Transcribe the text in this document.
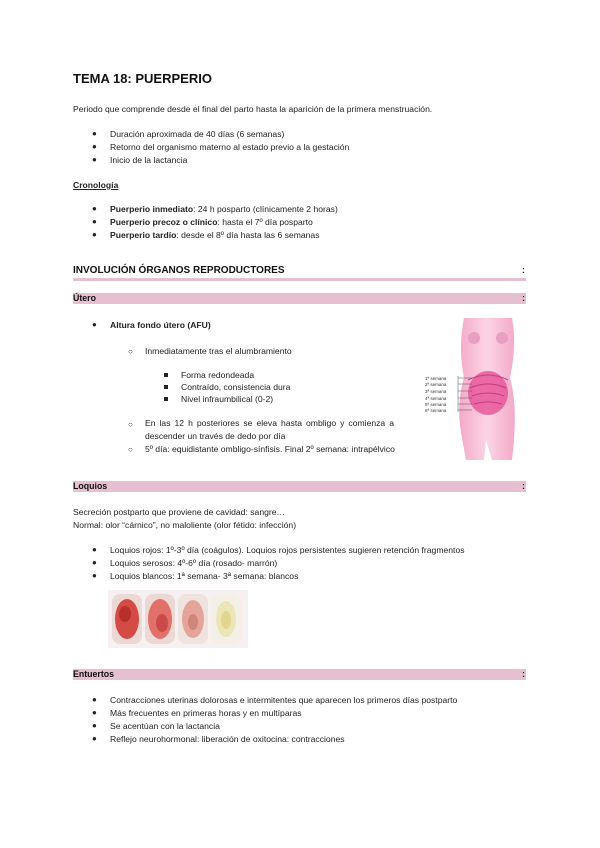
TEMA 18: PUERPERIO
Periodo que comprende desde el final del parto hasta la aparición de la primera menstruación.
● Duración aproximada de 40 días (6 semanas)
● Retorno del organismo materno al estado previo a la gestación
● Inicio de la lactancia
Cronología
● Puerperio inmediato: 24 h posparto (clínicamente 2 horas)
● Puerperio precoz o clínico: hasta el 7º día posparto
● Puerperio tardío: desde el 8º día hasta las 6 semanas
INVOLUCIÓN ÓRGANOS REPRODUCTORES	:
Útero	:
● Altura fondo útero (AFU)
○ Inmediatamente tras el alumbramiento
Forma redondeada
Contraído, consistencia dura
Nivel infraumbilical (0-2)
○ En las 12 h posteriores se eleva hasta ombligo y comienza a descender un través de dedo por día
○ 5º día: equidistante ombligo-sínfisis. Final 2º semana: intrapélvico
1ª semana
2ª semana
3ª semana
4ª semana
5ª semana
6ª semana
Loquios	:
Secreción postparto que proviene de cavidad: sangre…
Normal: olor “cárnico”, no maloliente (olor fétido: infección)
● Loquios rojos: 1º-3º día (coágulos). Loquios rojos persistentes sugieren retención fragmentos
● Loquios serosos: 4º-6º día (rosado- marrón)
● Loquios blancos: 1ª semana- 3ª semana: blancos
Entuertos	:
● Contracciones uterinas dolorosas e intermitentes que aparecen los primeros días postparto
● Más frecuentes en primeras horas y en multíparas
● Se acentúan con la lactancia
● Reflejo neurohormonal: liberación de oxitocina: contracciones
